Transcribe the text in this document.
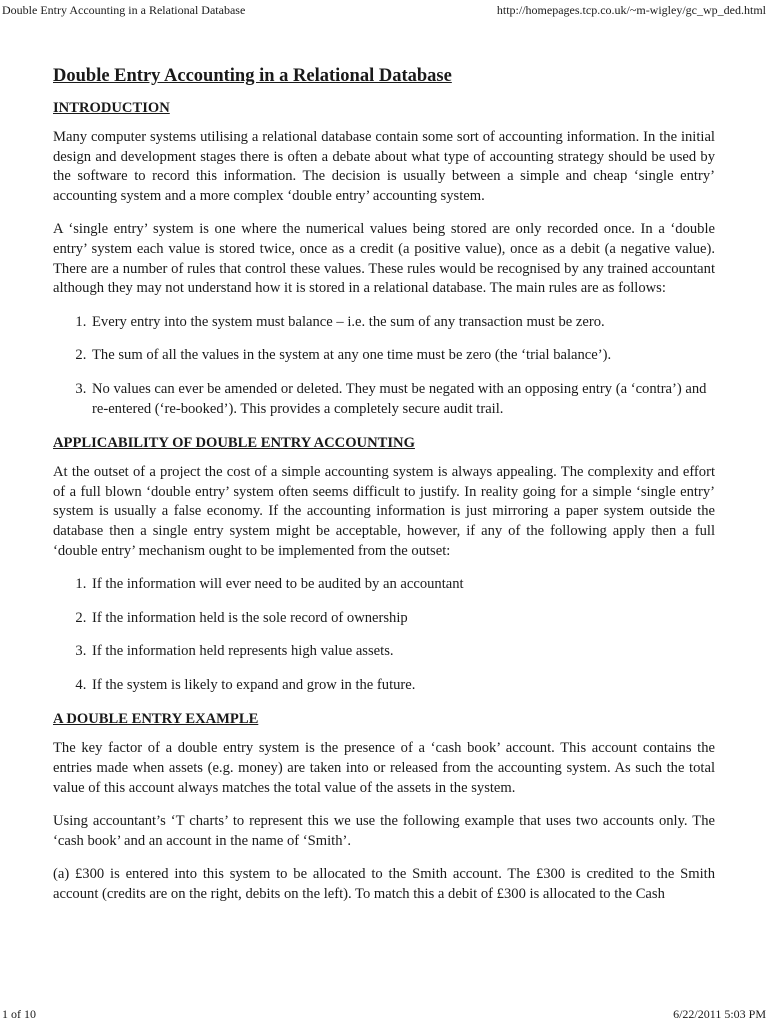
Double Entry Accounting in a Relational Database	http://homepages.tcp.co.uk/~m-wigley/gc_wp_ded.html
Double Entry Accounting in a Relational Database
INTRODUCTION

Many computer systems utilising a relational database contain some sort of accounting information. In the initial design and development stages there is often a debate about what type of accounting strategy should be used by the software to record this information. The decision is usually between a simple and cheap ‘single entry’ accounting system and a more complex ‘double entry’ accounting system.

A ‘single entry’ system is one where the numerical values being stored are only recorded once. In a ‘double entry’ system each value is stored twice, once as a credit (a positive value), once as a debit (a negative value). There are a number of rules that control these values. These rules would be recognised by any trained accountant although they may not understand how it is stored in a relational database. The main rules are as follows:

1. Every entry into the system must balance – i.e. the sum of any transaction must be zero.
2. The sum of all the values in the system at any one time must be zero (the ‘trial balance’).
3. No values can ever be amended or deleted. They must be negated with an opposing entry (a ‘contra’) and re-entered (‘re-booked’). This provides a completely secure audit trail.
APPLICABILITY OF DOUBLE ENTRY ACCOUNTING

At the outset of a project the cost of a simple accounting system is always appealing. The complexity and effort of a full blown ‘double entry’ system often seems difficult to justify. In reality going for a simple ‘single entry’ system is usually a false economy. If the accounting information is just mirroring a paper system outside the database then a single entry system might be acceptable, however, if any of the following apply then a full ‘double entry’ mechanism ought to be implemented from the outset:

1. If the information will ever need to be audited by an accountant
2. If the information held is the sole record of ownership
3. If the information held represents high value assets.
4. If the system is likely to expand and grow in the future.
A DOUBLE ENTRY EXAMPLE

The key factor of a double entry system is the presence of a ‘cash book’ account. This account contains the entries made when assets (e.g. money) are taken into or released from the accounting system. As such the total value of this account always matches the total value of the assets in the system.

Using accountant’s ‘T charts’ to represent this we use the following example that uses two accounts only. The ‘cash book’ and an account in the name of ‘Smith’.

(a) £300 is entered into this system to be allocated to the Smith account. The £300 is credited to the Smith account (credits are on the right, debits on the left). To match this a debit of £300 is allocated to the Cash

1 of 10	6/22/2011 5:03 PM
